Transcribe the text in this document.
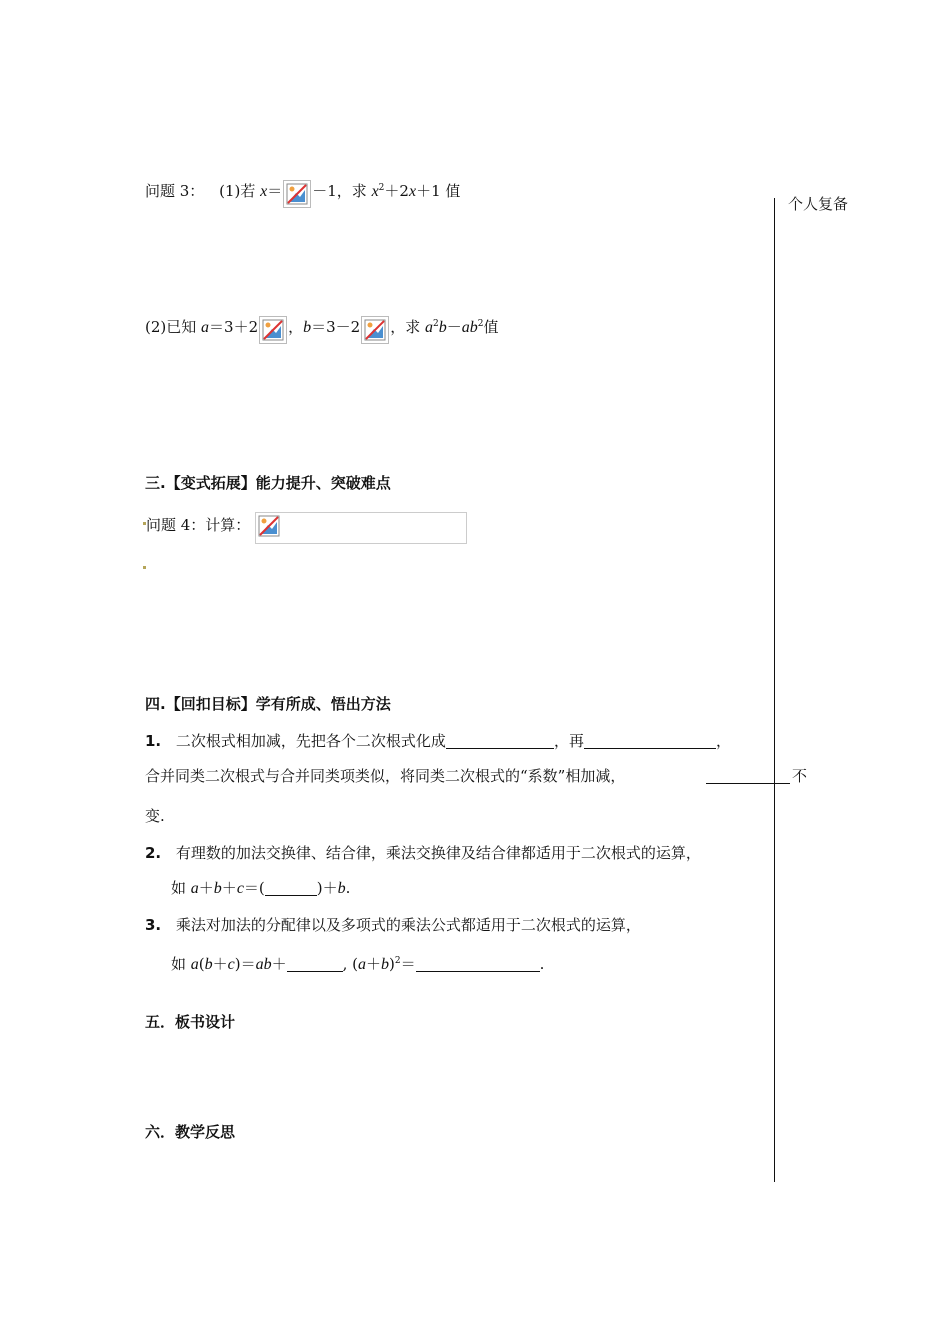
个人复备
问题 3： (1)若 x＝ －1，求 $x^2+2x+1$ 值
(2)已知 a＝3＋2 ，b＝3－2 ，求 $a^2b-ab^2$值
三.【变式拓展】能力提升、突破难点
问题 4：计算：
四.【回扣目标】学有所成、悟出方法
1. 二次根式相加减，先把各个二次根式化成	，再	，
合并同类二次根式与合并同类项类似，将同类二次根式的“系数”相加减，	不
变.
2. 有理数的加法交换律、结合律，乘法交换律及结合律都适用于二次根式的运算，
如 a＋b＋c＝(	)＋b.
3. 乘法对加法的分配律以及多项式的乘法公式都适用于二次根式的运算，
如 a(b＋c)＝ab＋	, $(a+b)^2=$	.
五．板书设计
六．教学反思
